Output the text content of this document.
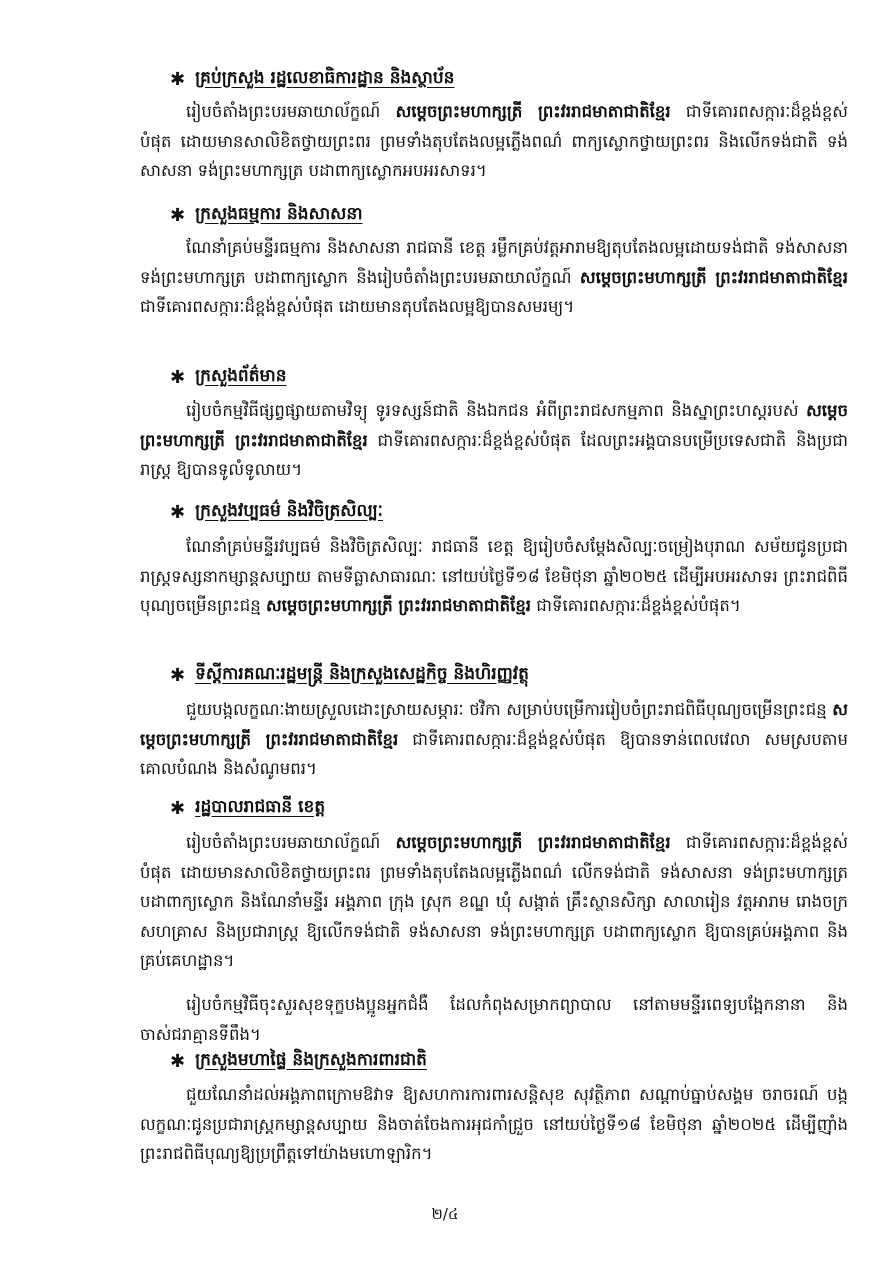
✱ គ្រប់ក្រសួង រដ្ឋលេខាធិការដ្ឋាន និងស្ថាប័ន

រៀបចំតាំងព្រះបរមឆាយាល័ក្ខណ៍ សម្តេចព្រះមហាក្សត្រី ព្រះវររាជមាតាជាតិខ្មែរ ជាទីគោរពសក្ការៈដ៏ខ្ពង់ខ្ពស់បំផុត ដោយមានសាលិខិតថ្វាយព្រះពរ ព្រមទាំងតុបតែងលម្អភ្លើងពណ៌ ពាក្យស្លោកថ្វាយព្រះពរ និងលើកទង់ជាតិ ទង់សាសនា ទង់ព្រះមហាក្សត្រ បដាពាក្យស្លោកអបអរសាទរ។

✱ ក្រសួងធម្មការ និងសាសនា

ណែនាំគ្រប់មន្ទីរធម្មការ និងសាសនា រាជធានី ខេត្ត រម្លឹកគ្រប់វត្តអារាមឱ្យតុបតែងលម្អដោយទង់ជាតិ ទង់សាសនា ទង់ព្រះមហាក្សត្រ បដាពាក្យស្លោក និងរៀបចំតាំងព្រះបរមឆាយាល័ក្ខណ៍ សម្តេចព្រះមហាក្សត្រី ព្រះវររាជមាតាជាតិខ្មែរ ជាទីគោរពសក្ការៈដ៏ខ្ពង់ខ្ពស់បំផុត ដោយមានតុបតែងលម្អឱ្យបានសមរម្យ។

✱ ក្រសួងព័ត៌មាន

រៀបចំកម្មវិធីផ្សព្វផ្សាយតាមវិទ្យុ ទូរទស្សន៍ជាតិ និងឯកជន អំពីព្រះរាជសកម្មភាព និងស្នាព្រះហស្តរបស់ សម្តេចព្រះមហាក្សត្រី ព្រះវររាជមាតាជាតិខ្មែរ ជាទីគោរពសក្ការៈដ៏ខ្ពង់ខ្ពស់បំផុត ដែលព្រះអង្គបានបម្រើប្រទេសជាតិ និងប្រជារាស្ត្រ ឱ្យបានទូលំទូលាយ។

✱ ក្រសួងវប្បធម៌ និងវិចិត្រសិល្បៈ

ណែនាំគ្រប់មន្ទីរវប្បធម៌ និងវិចិត្រសិល្បៈ រាជធានី ខេត្ត ឱ្យរៀបចំសម្តែងសិល្បៈចម្រៀងបុរាណ សម័យជូនប្រជារាស្ត្រទស្សនាកម្សាន្តសប្បាយ តាមទីធ្លាសាធារណៈ នៅយប់ថ្ងៃទី១៨ ខែមិថុនា ឆ្នាំ២០២៥ ដើម្បីអបអរសាទរ ព្រះរាជពិធីបុណ្យចម្រើនព្រះជន្ម សម្តេចព្រះមហាក្សត្រី ព្រះវររាជមាតាជាតិខ្មែរ ជាទីគោរពសក្ការៈដ៏ខ្ពង់ខ្ពស់បំផុត។

✱ ទីស្តីការគណៈរដ្ឋមន្ត្រី និងក្រសួងសេដ្ឋកិច្ច និងហិរញ្ញវត្ថុ

ជួយបង្កលក្ខណៈងាយស្រួលដោះស្រាយសម្ភារៈ ថវិកា សម្រាប់បម្រើការរៀបចំព្រះរាជពិធីបុណ្យចម្រើនព្រះជន្ម សម្តេចព្រះមហាក្សត្រី ព្រះវររាជមាតាជាតិខ្មែរ ជាទីគោរពសក្ការៈដ៏ខ្ពង់ខ្ពស់បំផុត ឱ្យបានទាន់ពេលវេលា សមស្របតាមគោលបំណង និងសំណូមពរ។

✱ រដ្ឋបាលរាជធានី ខេត្ត

រៀបចំតាំងព្រះបរមឆាយាល័ក្ខណ៍ សម្តេចព្រះមហាក្សត្រី ព្រះវររាជមាតាជាតិខ្មែរ ជាទីគោរពសក្ការៈដ៏ខ្ពង់ខ្ពស់បំផុត ដោយមានសាលិខិតថ្វាយព្រះពរ ព្រមទាំងតុបតែងលម្អភ្លើងពណ៌ លើកទង់ជាតិ ទង់សាសនា ទង់ព្រះមហាក្សត្រ បដាពាក្យស្លោក និងណែនាំមន្ទីរ អង្គភាព ក្រុង ស្រុក ខណ្ឌ ឃុំ សង្កាត់ គ្រឹះស្ថានសិក្សា សាលារៀន វត្តអារាម រោងចក្រ សហគ្រាស និងប្រជារាស្ត្រ ឱ្យលើកទង់ជាតិ ទង់សាសនា ទង់ព្រះមហាក្សត្រ បដាពាក្យស្លោក ឱ្យបានគ្រប់អង្គភាព និងគ្រប់គេហដ្ឋាន។

រៀបចំកម្មវិធីចុះសួរសុខទុក្ខបងប្អូនអ្នកជំងឺ ដែលកំពុងសម្រាកព្យាបាល នៅតាមមន្ទីរពេទ្យបង្អែកនានា និងចាស់ជរាគ្មានទីពឹង។

✱ ក្រសួងមហាផ្ទៃ និងក្រសួងការពារជាតិ

ជួយណែនាំដល់អង្គភាពក្រោមឱវាទ ឱ្យសហការការពារសន្តិសុខ សុវត្ថិភាព សណ្តាប់ធ្នាប់សង្គម ចរាចរណ៍ បង្កលក្ខណៈជូនប្រជារាស្ត្រកម្សាន្តសប្បាយ និងចាត់ចែងការអុជកាំជ្រួច នៅយប់ថ្ងៃទី១៨ ខែមិថុនា ឆ្នាំ២០២៥ ដើម្បីញ៉ាំងព្រះរាជពិធីបុណ្យឱ្យប្រព្រឹត្តទៅយ៉ាងមហោឡារិក។

២/៤
